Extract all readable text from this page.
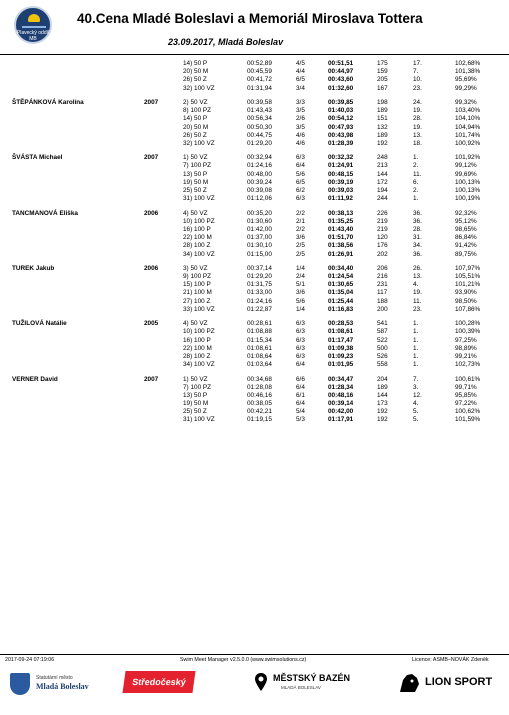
Plavecký oddíl MB
40.Cena Mladé Boleslavi a Memoriál Miroslava Tottera
23.09.2017, Mladá Boleslav
14) 50 P	00:52,89	4/5	00:51,51	175	17.	102,68%
20) 50 M	00:45,59	4/4	00:44,97	159	7.	101,38%
26) 50 Z	00:41,72	6/5	00:43,60	205	10.	95,69%
32) 100 VZ	01:31,94	3/4	01:32,60	167	23.	99,29%
ŠTĚPÁNKOVÁ Karolína	2007	2) 50 VZ	00:39,58	3/3	00:39,85	198	24.	99,32%
8) 100 PZ	01:43,43	3/5	01:40,03	189	19.	103,40%
14) 50 P	00:56,34	2/6	00:54,12	151	28.	104,10%
20) 50 M	00:50,30	3/5	00:47,93	132	19.	104,94%
26) 50 Z	00:44,75	4/6	00:43,98	189	13.	101,74%
32) 100 VZ	01:29,20	4/6	01:28,39	192	18.	100,92%
ŠVÁSTA Michael	2007	1) 50 VZ	00:32,94	6/3	00:32,32	248	1.	101,92%
7) 100 PZ	01:24,16	6/4	01:24,91	213	2.	99,12%
13) 50 P	00:48,00	5/6	00:48,15	144	11.	99,69%
19) 50 M	00:39,24	6/5	00:39,19	172	6.	100,13%
25) 50 Z	00:39,08	6/2	00:39,03	194	2.	100,13%
31) 100 VZ	01:12,06	6/3	01:11,92	244	1.	100,19%
TANCMANOVÁ Eliška	2006	4) 50 VZ	00:35,20	2/2	00:38,13	226	36.	92,32%
10) 100 PZ	01:30,60	2/1	01:35,25	219	36.	95,12%
16) 100 P	01:42,00	2/2	01:43,40	219	28.	98,65%
22) 100 M	01:37,00	3/6	01:51,70	120	31.	86,84%
28) 100 Z	01:30,10	2/5	01:38,56	176	34.	91,42%
34) 100 VZ	01:15,00	2/5	01:26,91	202	36.	89,75%
TUREK Jakub	2006	3) 50 VZ	00:37,14	1/4	00:34,40	206	26.	107,97%
9) 100 PZ	01:29,20	2/4	01:24,54	216	13.	105,51%
15) 100 P	01:31,75	5/1	01:30,65	231	4.	101,21%
21) 100 M	01:33,00	3/6	01:35,04	117	19.	93,90%
27) 100 Z	01:24,16	5/6	01:25,44	188	11.	98,50%
33) 100 VZ	01:22,87	1/4	01:16,83	200	23.	107,86%
TUŽILOVÁ Natálie	2005	4) 50 VZ	00:28,61	6/3	00:28,53	541	1.	100,28%
10) 100 PZ	01:08,88	6/3	01:08,61	587	1.	100,39%
16) 100 P	01:15,34	6/3	01:17,47	522	1.	97,25%
22) 100 M	01:08,61	6/3	01:09,38	500	1.	98,89%
28) 100 Z	01:08,64	6/3	01:09,23	526	1.	99,21%
34) 100 VZ	01:03,64	6/4	01:01,95	558	1.	102,73%
VERNER David	2007	1) 50 VZ	00:34,68	6/6	00:34,47	204	7.	100,61%
7) 100 PZ	01:28,08	6/4	01:28,34	189	3.	99,71%
13) 50 P	00:46,16	6/1	00:48,16	144	12.	95,85%
19) 50 M	00:38,05	6/4	00:39,14	173	4.	97,22%
25) 50 Z	00:42,21	5/4	00:42,00	192	5.	100,62%
31) 100 VZ	01:19,15	5/3	01:17,91	192	5.	101,59%
2017-09-24 07:19:06	Swim Meet Manager v2.5.0.0 (www.swimsolutions.cz)	Licence: ASMB–NOVÁK Zdeněk
Statutární město
Mladá Boleslav	Středočeský kraj
MĚSTSKÝ BAZÉN
MLADÁ BOLESLAV	LION SPORT
